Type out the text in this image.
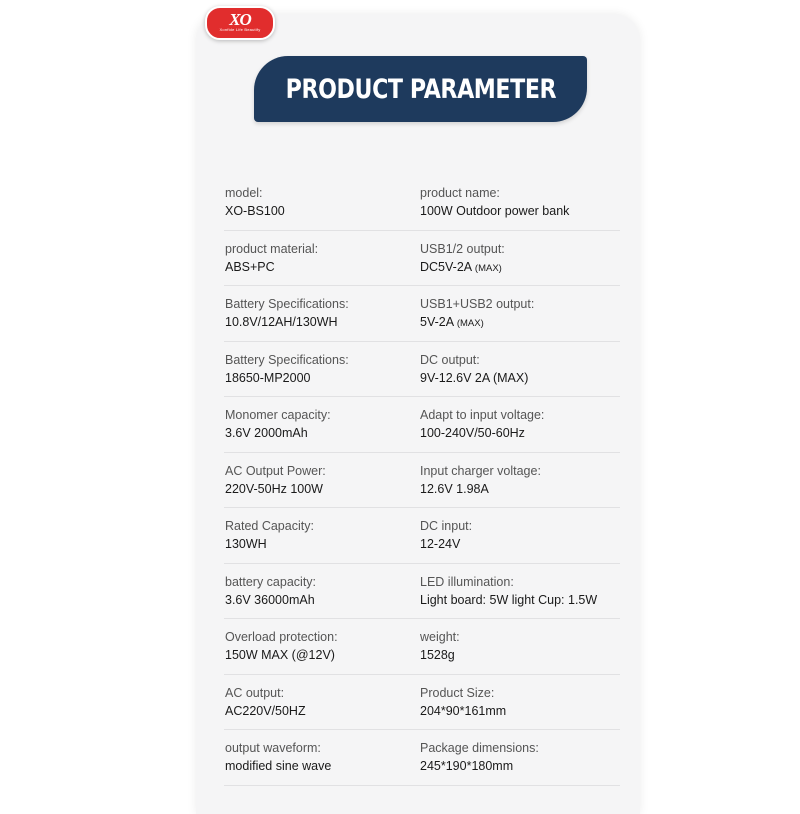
XO
Xonfide Life Beautify
PRODUCT PARAMETER
model:
XO-BS100
product name:
100W Outdoor power bank
product material:
ABS+PC
USB1/2 output:
DC5V-2A (MAX)
Battery Specifications:
10.8V/12AH/130WH
USB1+USB2 output:
5V-2A (MAX)
Battery Specifications:
18650-MP2000
DC output:
9V-12.6V 2A (MAX)
Monomer capacity:
3.6V 2000mAh
Adapt to input voltage:
100-240V/50-60Hz
AC Output Power:
220V-50Hz 100W
Input charger voltage:
12.6V 1.98A
Rated Capacity:
130WH
DC input:
12-24V
battery capacity:
3.6V 36000mAh
LED illumination:
Light board: 5W light Cup: 1.5W
Overload protection:
150W MAX (@12V)
weight:
1528g
AC output:
AC220V/50HZ
Product Size:
204*90*161mm
output waveform:
modified sine wave
Package dimensions:
245*190*180mm
